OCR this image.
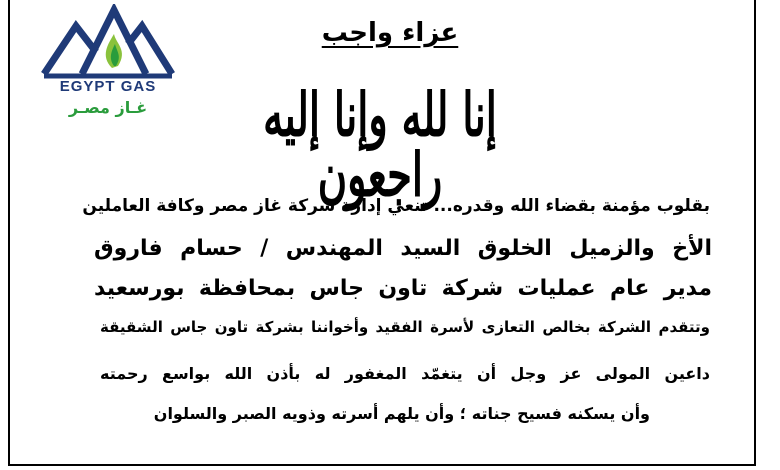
EGYPT GAS
غـاز مصـر
عزاء واجب
إنا لله وإنا إليه راجعون
بقلوب مؤمنة بقضاء الله وقدره... تنعي إدارة شركة غاز مصر وكافة العاملين
الأخ والزميل الخلوق السيد المهندس / حسام فاروق
مدير عام عمليات شركة تاون جاس بمحافظة بورسعيد
وتتقدم الشركة بخالص التعازى لأسرة الفقيد وأخواننا بشركة تاون جاس الشقيقة
داعين المولى عز وجل أن يتغمّد المغفور له بأذن الله بواسع رحمته
وأن يسكنه فسيح جناته ؛ وأن يلهم أسرته وذويه الصبر والسلوان
